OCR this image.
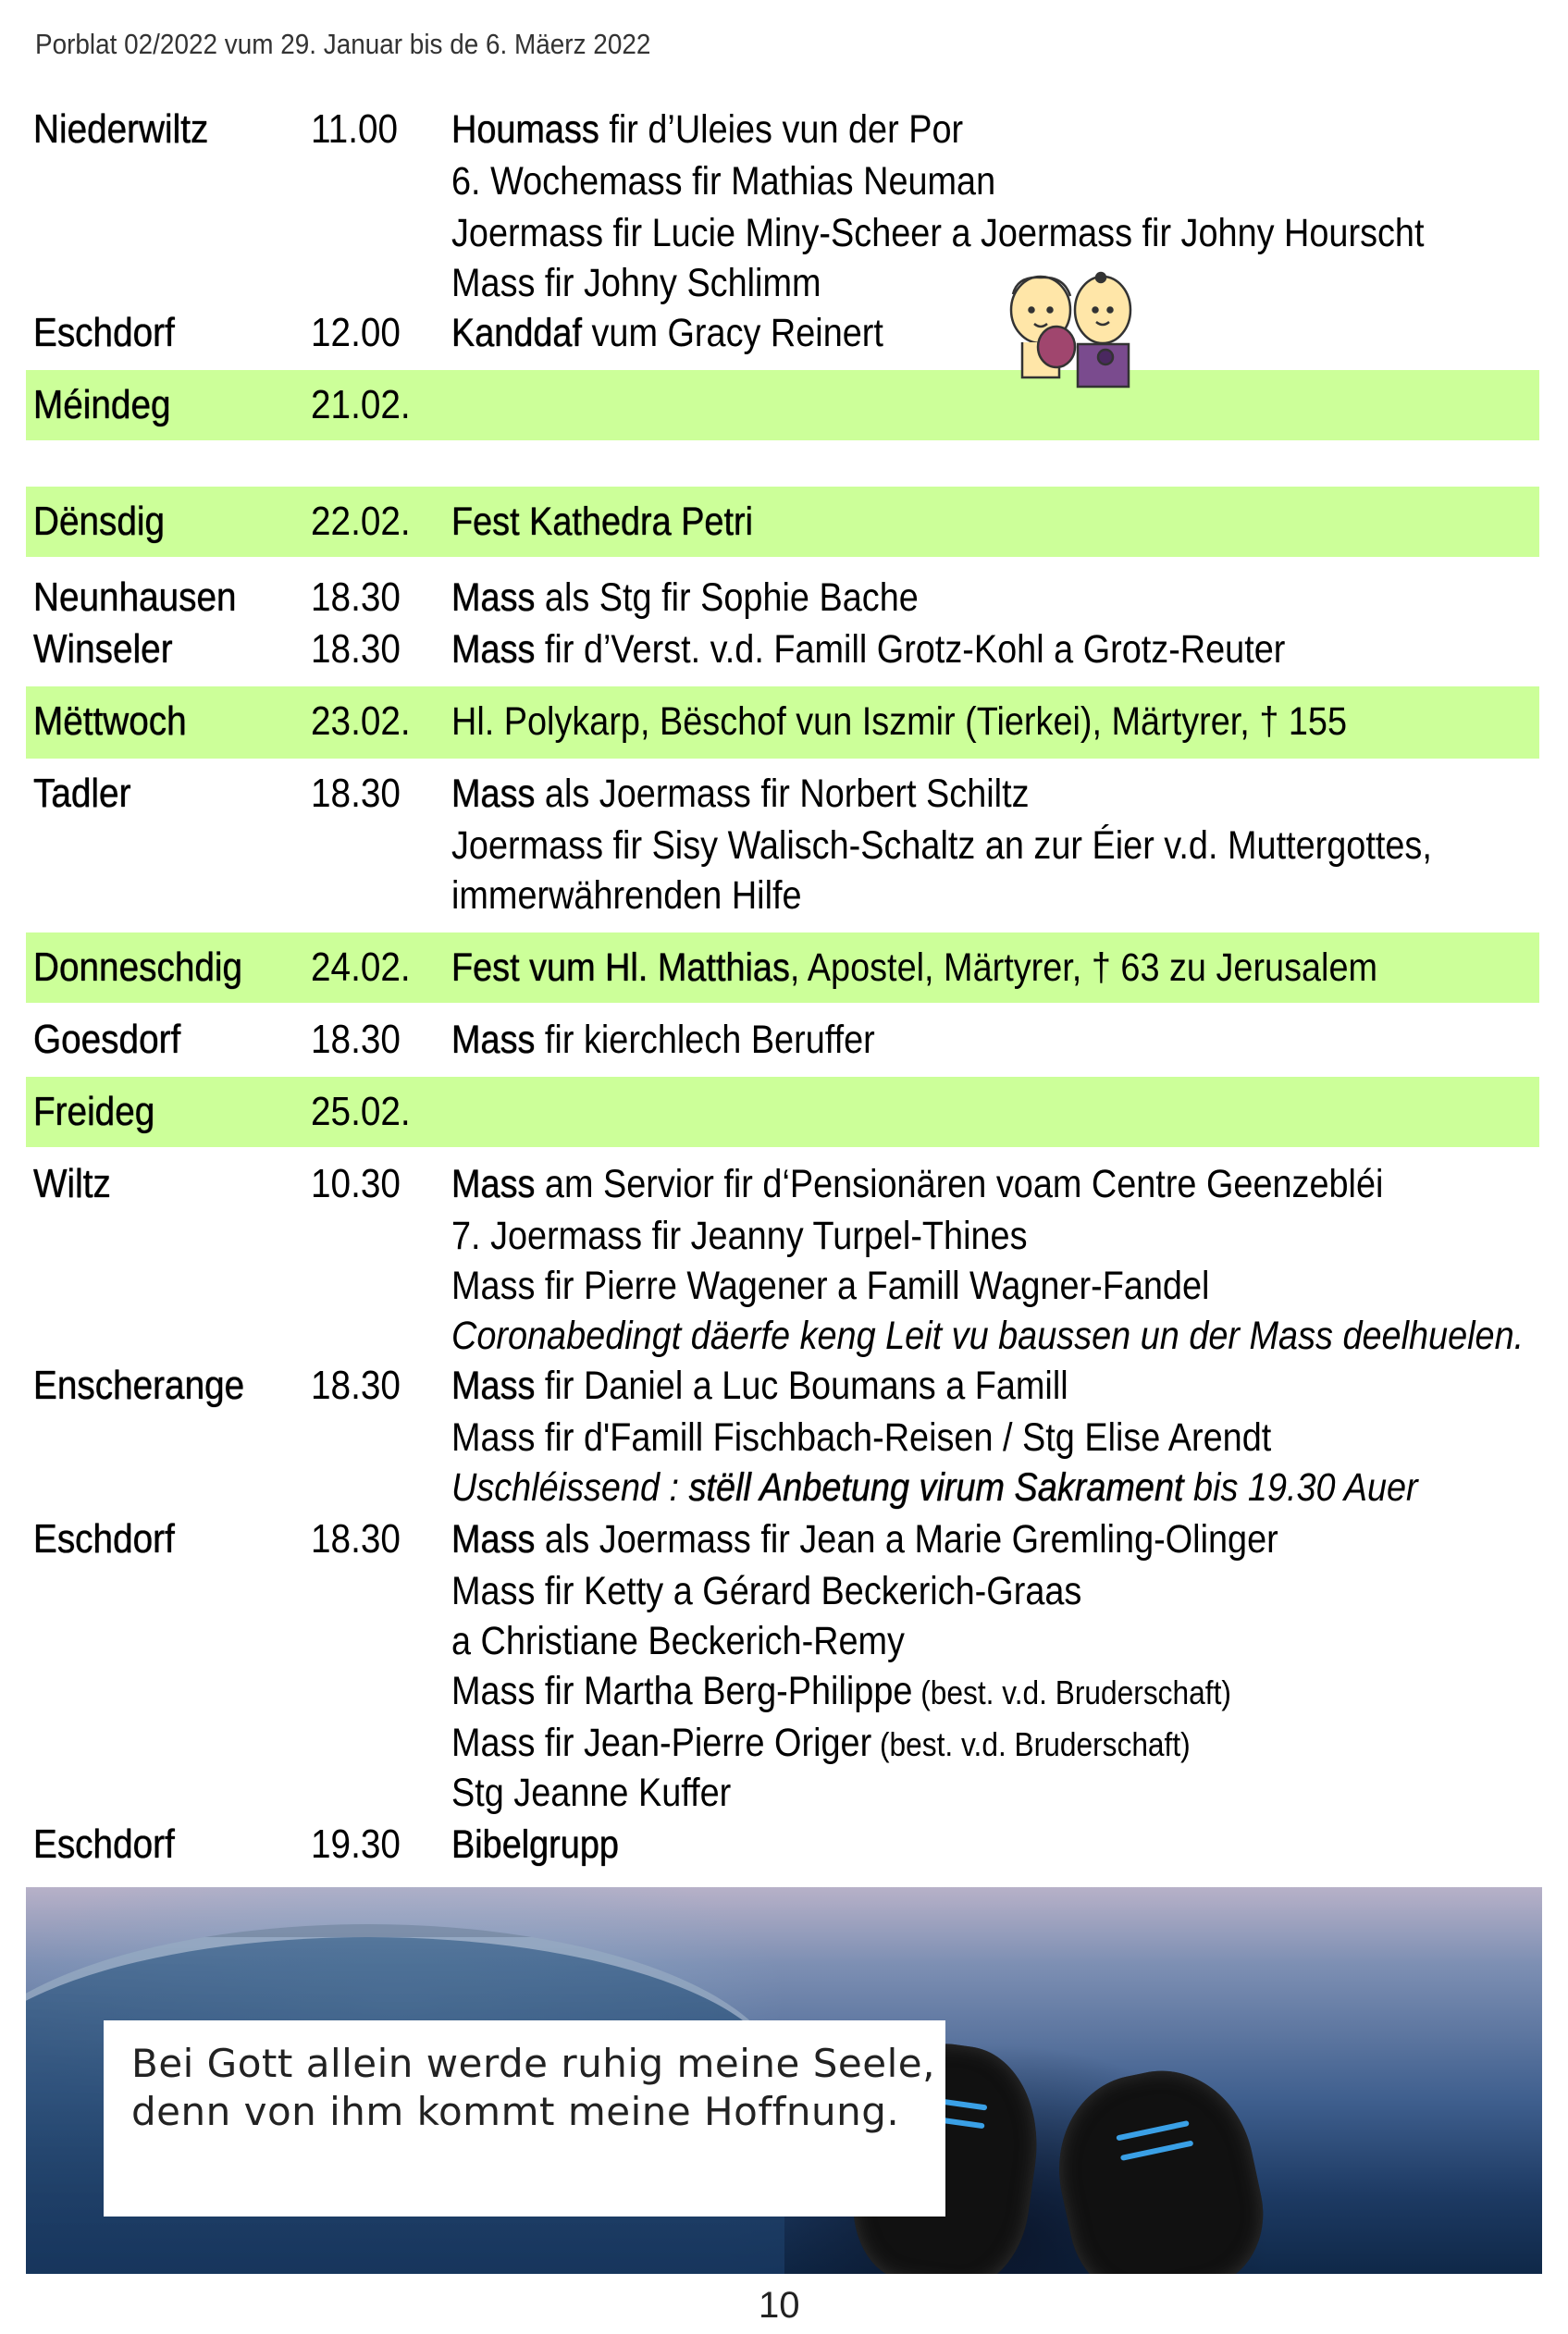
Porblat 02/2022 vum 29. Januar bis de 6. Mäerz 2022
Niederwiltz	11.00 Houmass fir d’Uleies vun der Por
6. Wochemass fir Mathias Neuman
Joermass fir Lucie Miny-Scheer a Joermass fir Johny Hourscht
Mass fir Johny Schlimm
Eschdorf	12.00 Kanddaf vum Gracy Reinert
Méindeg	21.02.
Dënsdig	22.02. Fest Kathedra Petri
Neunhausen 18.30 Mass als Stg fir Sophie Bache
Winseler	18.30 Mass fir d’Verst. v.d. Famill Grotz-Kohl a Grotz-Reuter
Mëttwoch	23.02. Hl. Polykarp, Bëschof vun Iszmir (Tierkei), Märtyrer, † 155
Tadler	18.30 Mass als Joermass fir Norbert Schiltz
Joermass fir Sisy Walisch-Schaltz an zur Éier v.d. Muttergottes,
immerwährenden Hilfe
Donneschdig 24.02. Fest vum Hl. Matthias, Apostel, Märtyrer, † 63 zu Jerusalem
Goesdorf	18.30 Mass fir kierchlech Beruffer
Freideg	25.02.
Wiltz	10.30 Mass am Servior fir d‘Pensionären voam Centre Geenzebléi
7. Joermass fir Jeanny Turpel-Thines
Mass fir Pierre Wagener a Famill Wagner-Fandel
Coronabedingt däerfe keng Leit vu baussen un der Mass deelhuelen.
Enscherange 18.30 Mass fir Daniel a Luc Boumans a Famill
Mass fir d'Famill Fischbach-Reisen / Stg Elise Arendt
Uschléissend : stëll Anbetung virum Sakrament bis 19.30 Auer
Eschdorf	18.30 Mass als Joermass fir Jean a Marie Gremling-Olinger
Mass fir Ketty a Gérard Beckerich-Graas
a Christiane Beckerich-Remy
Mass fir Martha Berg-Philippe (best. v.d. Bruderschaft)
Mass fir Jean-Pierre Origer (best. v.d. Bruderschaft)
Stg Jeanne Kuffer
Eschdorf	19.30 Bibelgrupp
Bei Gott allein werde ruhig meine Seele,
denn von ihm kommt meine Hoffnung.
PS 62,6
10
